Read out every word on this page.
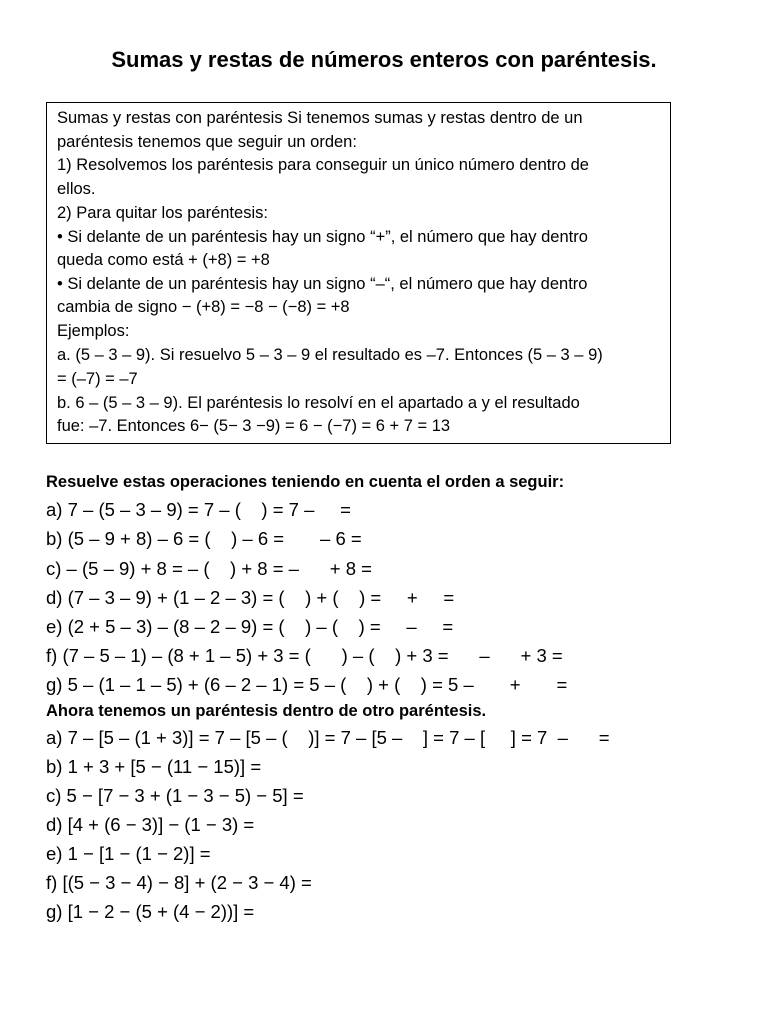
Sumas y restas de números enteros con paréntesis.
Sumas y restas con paréntesis Si tenemos sumas y restas dentro de un
paréntesis tenemos que seguir un orden:
1) Resolvemos los paréntesis para conseguir un único número dentro de
ellos.
2) Para quitar los paréntesis:
• Si delante de un paréntesis hay un signo “+”, el número que hay dentro
queda como está + (+8) = +8
• Si delante de un paréntesis hay un signo “–“, el número que hay dentro
cambia de signo − (+8) = −8 − (−8) = +8
Ejemplos:
a. (5 – 3 – 9). Si resuelvo 5 – 3 – 9 el resultado es –7. Entonces (5 – 3 – 9)
= (–7) = –7
b. 6 – (5 – 3 – 9). El paréntesis lo resolví en el apartado a y el resultado
fue: –7. Entonces 6− (5− 3 −9) = 6 − (−7) = 6 + 7 = 13
Resuelve estas operaciones teniendo en cuenta el orden a seguir:
a) 7 – (5 – 3 – 9) = 7 – (    ) = 7 –     =
b) (5 – 9 + 8) – 6 = (    ) – 6 =       – 6 =
c) – (5 – 9) + 8 = – (    ) + 8 = –      + 8 =
d) (7 – 3 – 9) + (1 – 2 – 3) = (    ) + (    ) =     +     =
e) (2 + 5 – 3) – (8 – 2 – 9) = (    ) – (    ) =     –     =
f) (7 – 5 – 1) – (8 + 1 – 5) + 3 = (      ) – (    ) + 3 =      –      + 3 =
g) 5 – (1 – 1 – 5) + (6 – 2 – 1) = 5 – (    ) + (    ) = 5 –       +       =
Ahora tenemos un paréntesis dentro de otro paréntesis.
a) 7 – [5 – (1 + 3)] = 7 – [5 – (    )] = 7 – [5 –    ] = 7 – [     ] = 7  –      =
b) 1 + 3 + [5 − (11 − 15)] =
c) 5 − [7 − 3 + (1 − 3 − 5) − 5] =
d) [4 + (6 − 3)] − (1 − 3) =
e) 1 − [1 − (1 − 2)] =
f) [(5 − 3 − 4) − 8] + (2 − 3 − 4) =
g) [1 − 2 − (5 + (4 − 2))] =
